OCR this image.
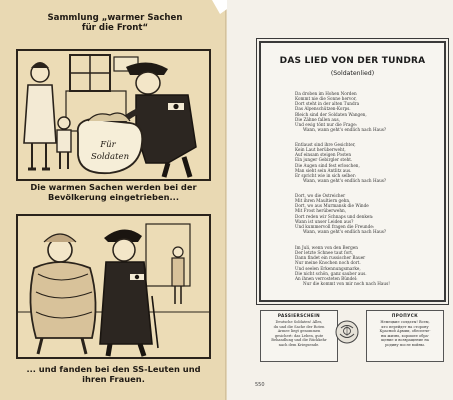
Sammlung „warmer Sachen
für die Front“
Für
Soldaten
Die warmen Sachen werden bei der
Bevölkerung eingetrieben...
... und fanden bei den SS-Leuten und
ihren Frauen.
DAS LIED VON DER TUNDRA
(Soldatenlied)
Da droben im Hohen Norden
Kommt nie die Sonne hervor,
Dort steht in der alten Tundra
Das Alpenschützen-Korps.
Bleich sind der Soldaten Wangen,
Die Zähne fallen aus,
Und ewig tönt nur die Frage:
Wann, wann geht's endlich nach Haus?
Entlaust sind ihre Gesichter,
Kein Laut herüberweht,
Auf einsam steigen Posten
Ein junger Gebirgler steht.
Die Augen sind fest erloschen,
Man sieht sein Antlitz aus.
Er spricht wie in sich selber:
Wann, wann geht's endlich nach Haus?
Dort, wo die Ostreicher
Mit ihren Maultiern gehn,
Dort, wo aus Murmansk die Winde
Mit Frost herüberwehn,
Dort reden wir Schnaps und denken:
Wann ist unser Leiden aus?
Und kummervoll fragen die Freunde:
Wann, wann geht's endlich nach Haus?
Im Juli, wenn von den Bergen
Der letzte Schnee taut fort,
Dann findet ein russischer Bauer
Nur meine Knochen noch dort.
Und seelen Erkennungsmarke,
Die nicht schön, ganz sauber aus.
An ihnen verrosteten Bündel:
Nur die kommt von mir noch nach Haus!
PASSIERSCHEIN
Deutsche Soldaten! Alles,
du und die Sache der Roten
Armee liegt genommen
gesichert: das Leben, gute
Behandlung und die Rückkehr
nach dem Kriegsende.
ПРОПУСК
Немецкие солдаты! Всем,
кто перейдет на сторону
Красной Армии, обеспече-
ны жизнь, хорошее обра-
щение и возвращение на
родину после войны.
550
